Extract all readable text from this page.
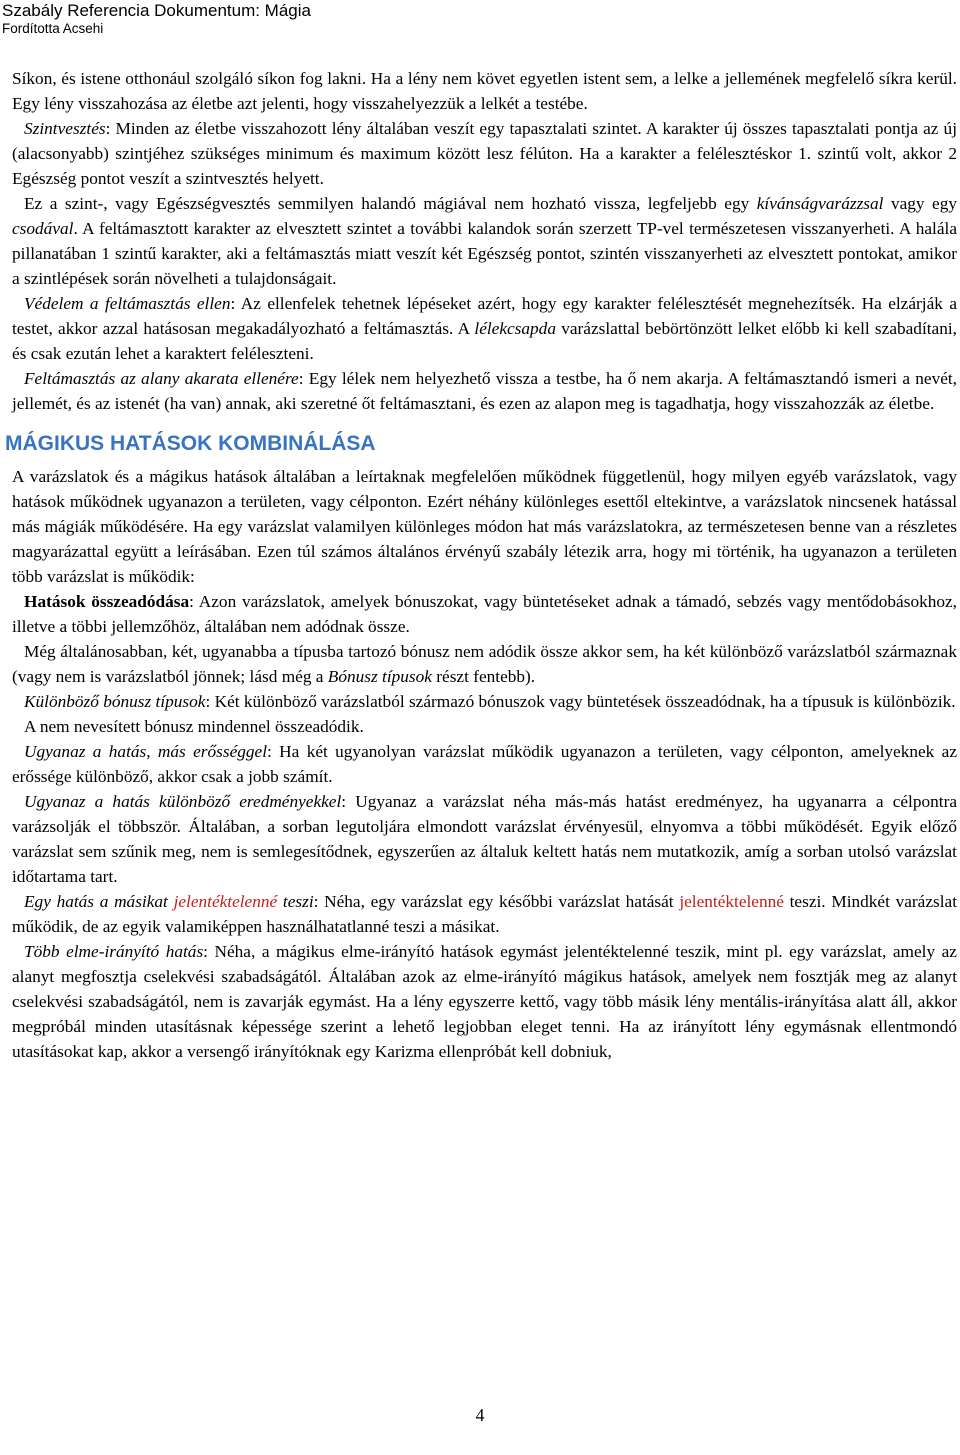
Szabály Referencia Dokumentum: Mágia
Fordította Acsehi

Síkon, és istene otthonául szolgáló síkon fog lakni. Ha a lény nem követ egyetlen istent sem, a lelke a jellemének megfelelő síkra kerül. Egy lény visszahozása az életbe azt jelenti, hogy visszahelyezzük a lelkét a testébe.

Szintvesztés: Minden az életbe visszahozott lény általában veszít egy tapasztalati szintet. A karakter új összes tapasztalati pontja az új (alacsonyabb) szintjéhez szükséges minimum és maximum között lesz félúton. Ha a karakter a felélesztéskor 1. szintű volt, akkor 2 Egészség pontot veszít a szintvesztés helyett.

Ez a szint-, vagy Egészségvesztés semmilyen halandó mágiával nem hozható vissza, legfeljebb egy kívánságvarázzsal vagy egy csodával. A feltámasztott karakter az elvesztett szintet a további kalandok során szerzett TP-vel természetesen visszanyerheti. A halála pillanatában 1 szintű karakter, aki a feltámasztás miatt veszít két Egészség pontot, szintén visszanyerheti az elvesztett pontokat, amikor a szintlépések során növelheti a tulajdonságait.

Védelem a feltámasztás ellen: Az ellenfelek tehetnek lépéseket azért, hogy egy karakter felélesztését megnehezítsék. Ha elzárják a testet, akkor azzal hatásosan megakadályozható a feltámasztás. A lélekcsapda varázslattal bebörtönzött lelket előbb ki kell szabadítani, és csak ezután lehet a karaktert feléleszteni.

Feltámasztás az alany akarata ellenére: Egy lélek nem helyezhető vissza a testbe, ha ő nem akarja. A feltámasztandó ismeri a nevét, jellemét, és az istenét (ha van) annak, aki szeretné őt feltámasztani, és ezen az alapon meg is tagadhatja, hogy visszahozzák az életbe.

MÁGIKUS HATÁSOK KOMBINÁLÁSA

A varázslatok és a mágikus hatások általában a leírtaknak megfelelően működnek függetlenül, hogy milyen egyéb varázslatok, vagy hatások működnek ugyanazon a területen, vagy célponton. Ezért néhány különleges esettől eltekintve, a varázslatok nincsenek hatással más mágiák működésére. Ha egy varázslat valamilyen különleges módon hat más varázslatokra, az természetesen benne van a részletes magyarázattal együtt a leírásában. Ezen túl számos általános érvényű szabály létezik arra, hogy mi történik, ha ugyanazon a területen több varázslat is működik:

Hatások összeadódása: Azon varázslatok, amelyek bónuszokat, vagy büntetéseket adnak a támadó, sebzés vagy mentődobásokhoz, illetve a többi jellemzőhöz, általában nem adódnak össze.

Még általánosabban, két, ugyanabba a típusba tartozó bónusz nem adódik össze akkor sem, ha két különböző varázslatból származnak (vagy nem is varázslatból jönnek; lásd még a Bónusz típusok részt fentebb).

Különböző bónusz típusok: Két különböző varázslatból származó bónuszok vagy büntetések összeadódnak, ha a típusuk is különbözik.

A nem nevesített bónusz mindennel összeadódik.

Ugyanaz a hatás, más erősséggel: Ha két ugyanolyan varázslat működik ugyanazon a területen, vagy célponton, amelyeknek az erőssége különböző, akkor csak a jobb számít.

Ugyanaz a hatás különböző eredményekkel: Ugyanaz a varázslat néha más-más hatást eredményez, ha ugyanarra a célpontra varázsolják el többször. Általában, a sorban legutoljára elmondott varázslat érvényesül, elnyomva a többi működését. Egyik előző varázslat sem szűnik meg, nem is semlegesítődnek, egyszerűen az általuk keltett hatás nem mutatkozik, amíg a sorban utolsó varázslat időtartama tart.

Egy hatás a másikat jelentéktelenné teszi: Néha, egy varázslat egy későbbi varázslat hatását jelentéktelenné teszi. Mindkét varázslat működik, de az egyik valamiképpen használhatatlanné teszi a másikat.

Több elme-irányító hatás: Néha, a mágikus elme-irányító hatások egymást jelentéktelenné teszik, mint pl. egy varázslat, amely az alanyt megfosztja cselekvési szabadságától. Általában azok az elme-irányító mágikus hatások, amelyek nem fosztják meg az alanyt cselekvési szabadságától, nem is zavarják egymást. Ha a lény egyszerre kettő, vagy több másik lény mentális-irányítása alatt áll, akkor megpróbál minden utasításnak képessége szerint a lehető legjobban eleget tenni. Ha az irányított lény egymásnak ellentmondó utasításokat kap, akkor a versengő irányítóknak egy Karizma ellenpróbát kell dobniuk,

4
